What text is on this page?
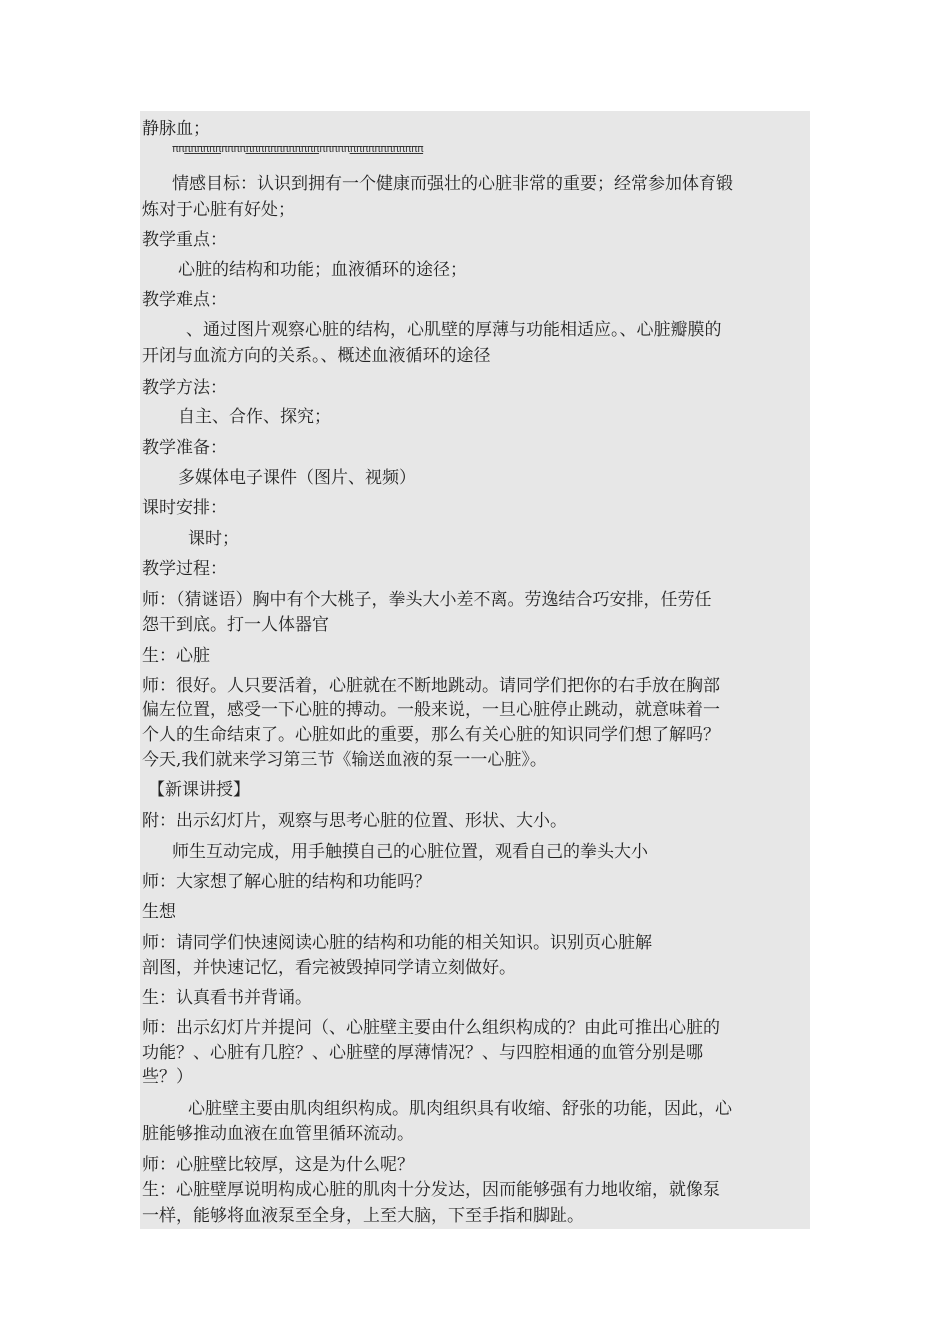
πππππππππππππππππππππππππππππππππππππππππ
静脉血；
情感目标：认识到拥有一个健康而强壮的心脏非常的重要；经常参加体育锻
炼对于心脏有好处；
教学重点：
心脏的结构和功能；血液循环的途径；
教学难点：
、通过图片观察心脏的结构，心肌壁的厚薄与功能相适应。、心脏瓣膜的
开闭与血流方向的关系。、概述血液循环的途径
教学方法：
自主、合作、探究；
教学准备：
多媒体电子课件（图片、视频）
课时安排：
课时；
教学过程：
师：（猜谜语）胸中有个大桃子，拳头大小差不离。劳逸结合巧安排，任劳任
怨干到底。打一人体器官
生：心脏
师：很好。人只要活着，心脏就在不断地跳动。请同学们把你的右手放在胸部
偏左位置，感受一下心脏的搏动。一般来说，一旦心脏停止跳动，就意味着一
个人的生命结束了。心脏如此的重要，那么有关心脏的知识同学们想了解吗？
今天,我们就来学习第三节《输送血液的泵一一心脏》。
【新课讲授】
附：出示幻灯片，观察与思考心脏的位置、形状、大小。
师生互动完成，用手触摸自己的心脏位置，观看自己的拳头大小
师：大家想了解心脏的结构和功能吗？
生想
师：请同学们快速阅读心脏的结构和功能的相关知识。识别页心脏解
剖图，并快速记忆，看完被毁掉同学请立刻做好。
生：认真看书并背诵。
师：出示幻灯片并提问（、心脏壁主要由什么组织构成的？由此可推出心脏的
功能？、心脏有几腔？、心脏壁的厚薄情况？、与四腔相通的血管分别是哪
些？）
心脏壁主要由肌肉组织构成。肌肉组织具有收缩、舒张的功能，因此，心
脏能够推动血液在血管里循环流动。
师：心脏壁比较厚，这是为什么呢？
生：心脏壁厚说明构成心脏的肌肉十分发达，因而能够强有力地收缩，就像泵
一样，能够将血液泵至全身，上至大脑，下至手指和脚趾。
